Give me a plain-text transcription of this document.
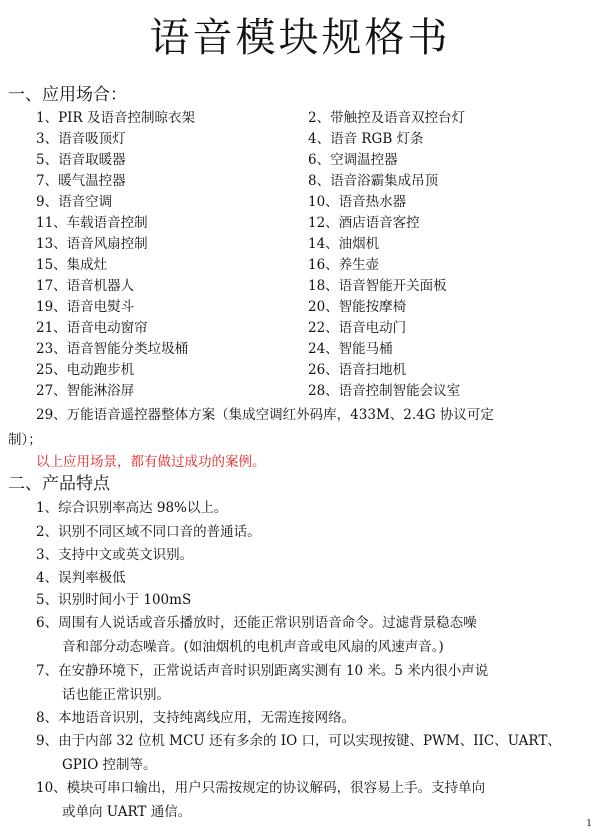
语音模块规格书
一、应用场合：
1、PIR 及语音控制晾衣架
3、语音吸顶灯
5、语音取暖器
7、暖气温控器
9、语音空调
11、车载语音控制
13、语音风扇控制
15、集成灶
17、语音机器人
19、语音电熨斗
21、语音电动窗帘
23、语音智能分类垃圾桶
25、电动跑步机
27、智能淋浴屏
2、带触控及语音双控台灯
4、语音 RGB 灯条
6、空调温控器
8、语音浴霸集成吊顶
10、语音热水器
12、酒店语音客控
14、油烟机
16、养生壶
18、语音智能开关面板
20、智能按摩椅
22、语音电动门
24、智能马桶
26、语音扫地机
28、语音控制智能会议室
29、万能语音遥控器整体方案（集成空调红外码库，433M、2.4G 协议可定
制）；
以上应用场景，都有做过成功的案例。
二、产品特点
1、综合识别率高达 98%以上。
2、识别不同区域不同口音的普通话。
3、支持中文或英文识别。
4、误判率极低
5、识别时间小于 100mS
6、周围有人说话或音乐播放时，还能正常识别语音命令。过滤背景稳态噪
音和部分动态噪音。(如油烟机的电机声音或电风扇的风速声音。)
7、在安静环境下，正常说话声音时识别距离实测有 10 米。5 米内很小声说
话也能正常识别。
8、本地语音识别，支持纯离线应用，无需连接网络。
9、由于内部 32 位机 MCU 还有多余的 IO 口，可以实现按键、PWM、IIC、UART、
GPIO 控制等。
10、模块可串口输出，用户只需按规定的协议解码，很容易上手。支持单向
或单向 UART 通信。
1
